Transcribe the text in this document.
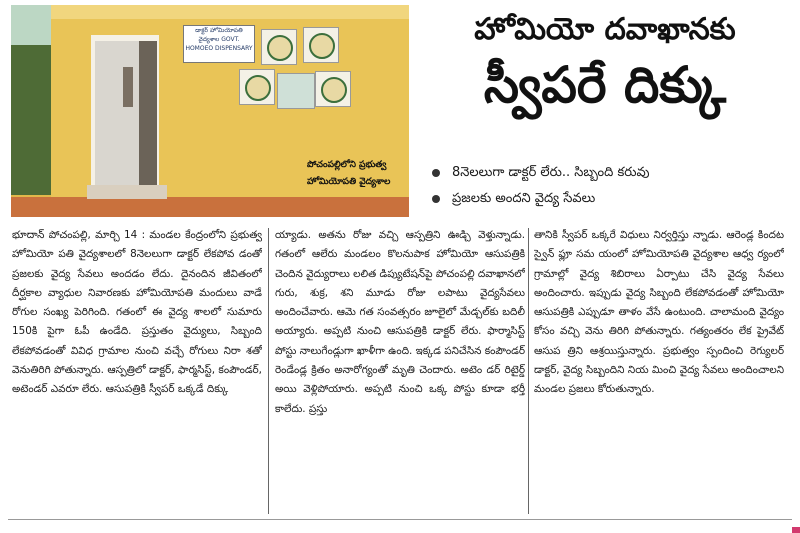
డాక్టర్ హోమియోపతి వైద్యశాల GOVT. HOMOEO DISPENSARY
పోచంపల్లిలోని ప్రభుత్వ
హోమియోపతి వైద్యశాల
హోమియో దవాఖానకు
స్వీపరే దిక్కు
8నెలలుగా డాక్టర్ లేరు.. సిబ్బంది కరువు
ప్రజలకు అందని వైద్య సేవలు
భూదాన్ పోచంపల్లి, మార్చి 14 : మండల కేంద్రంలోని ప్రభుత్వ హోమియో పతి వైద్యశాలలో 8నెలలుగా డాక్టర్ లేకపోవ డంతో ప్రజలకు వైద్య సేవలు అందడం లేదు. దైనందిన జీవితంలో దీర్ఘకాల వ్యాధుల నివారణకు హోమియోపతి మందులు వాడే రోగుల సంఖ్య పెరిగింది. గతంలో ఈ వైద్య శాలలో సుమారు 150కి పైగా ఓపీ ఉండేది. ప్రస్తుతం వైద్యులు, సిబ్బంది లేకపోవడంతో వివిధ గ్రామాల నుంచి వచ్చే రోగులు నిరా శతో వెనుతిరిగి పోతున్నారు. ఆస్పత్రిలో డాక్టర్, ఫార్మసిస్ట్, కంపౌండర్, అటెండర్ ఎవరూ లేరు. ఆసుపత్రికి స్వీపర్ ఒక్కడే దిక్కు
య్యాడు. అతను రోజు వచ్చి ఆస్పత్రిని ఊడ్చి వెళ్తున్నాడు. గతంలో ఆలేరు మండలం కొలనుపాక హోమియో ఆసుపత్రికి చెందిన వైద్యురాలు లలిత డిప్యుటేషన్‌పై పోచంపల్లి దవాఖానలో గురు, శుక్ర, శని మూడు రోజు లపాటు వైద్యసేవలు అందించేవారు. ఆమె గత సంవత్సరం జూలైలో మేడ్చల్‌కు బదిలీ అయ్యారు. అప్పటి నుంచి ఆసుపత్రికి డాక్టర్ లేరు. ఫార్మాసిస్ట్ పోస్టు నాలుగేండ్లుగా ఖాళీగా ఉంది. ఇక్కడ పనిచేసిన కంపౌండర్ రెండేండ్ల క్రితం అనారోగ్యంతో మృతి చెందారు. అటెం డర్ రిటైర్డ్ అయి వెళ్లిపోయారు. అప్పటి నుంచి ఒక్క పోస్టు కూడా భర్తీ కాలేదు. ప్రస్తు
తానికి స్వీపర్ ఒక్కరే విధులు నిర్వర్తిస్తు న్నాడు. ఆరెండ్ల కిందట స్వైన్ ఫ్లూ సమ యంలో హోమియోపతి వైద్యశాల ఆధ్వ ర్యంలో గ్రామాల్లో వైద్య శిబిరాలు ఏర్పాటు చేసి వైద్య సేవలు అందించారు. ఇప్పుడు వైద్య సిబ్బంది లేకపోవడంతో హోమియో ఆసుపత్రికి ఎప్పుడూ తాళం వేసే ఉంటుంది. చాలామంది వైద్యం కోసం వచ్చి వెను తిరిగి పోతున్నారు. గత్యంతరం లేక ప్రైవేట్ ఆసుప త్రిని ఆశ్రయిస్తున్నారు. ప్రభుత్వం స్పందించి రెగ్యులర్ డాక్టర్, వైద్య సిబ్బందిని నియ మించి వైద్య సేవలు అందించాలని మండల ప్రజలు కోరుతున్నారు.
